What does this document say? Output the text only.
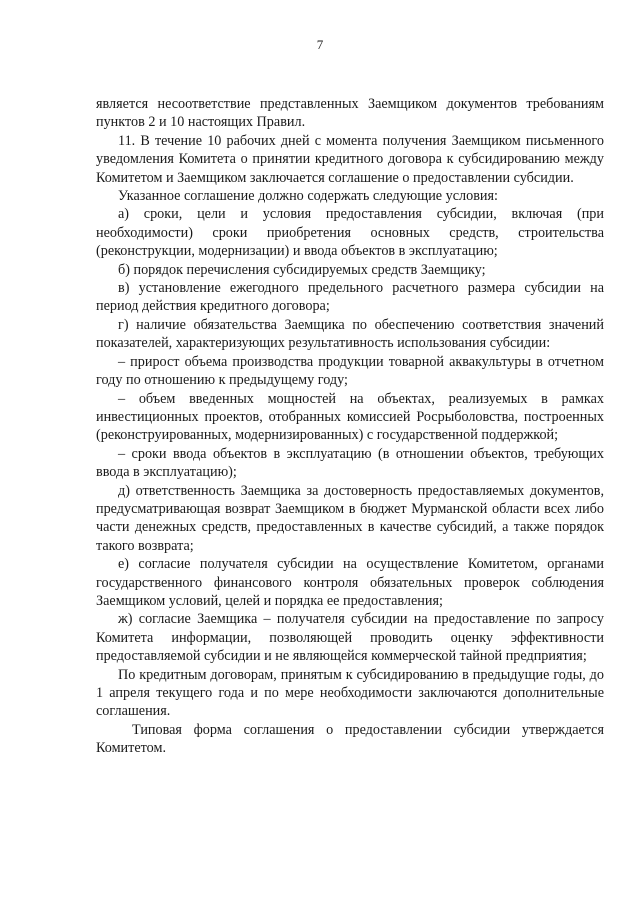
7

является несоответствие представленных Заемщиком документов требованиям пунктов 2 и 10 настоящих Правил.

11. В течение 10 рабочих дней с момента получения Заемщиком письменного уведомления Комитета о принятии кредитного договора к субсидированию между Комитетом и Заемщиком заключается соглашение о предоставлении субсидии.

Указанное соглашение должно содержать следующие условия:

а) сроки, цели и условия предоставления субсидии, включая (при необходимости) сроки приобретения основных средств, строительства (реконструкции, модернизации) и ввода объектов в эксплуатацию;

б) порядок перечисления субсидируемых средств Заемщику;

в) установление ежегодного предельного расчетного размера субсидии на период действия кредитного договора;

г) наличие обязательства Заемщика по обеспечению соответствия значений показателей, характеризующих результативность использования субсидии:

– прирост объема производства продукции товарной аквакультуры в отчетном году по отношению к предыдущему году;

– объем введенных мощностей на объектах, реализуемых в рамках инвестиционных проектов, отобранных комиссией Росрыболовства, построенных (реконструированных, модернизированных) с государственной поддержкой;

– сроки ввода объектов в эксплуатацию (в отношении объектов, требующих ввода в эксплуатацию);

д) ответственность Заемщика за достоверность предоставляемых документов, предусматривающая возврат Заемщиком в бюджет Мурманской области всех либо части денежных средств, предоставленных в качестве субсидий, а также порядок такого возврата;

е) согласие получателя субсидии на осуществление Комитетом, органами государственного финансового контроля обязательных проверок соблюдения Заемщиком условий, целей и порядка ее предоставления;

ж) согласие Заемщика – получателя субсидии на предоставление по запросу Комитета информации, позволяющей проводить оценку эффективности предоставляемой субсидии и не являющейся коммерческой тайной предприятия;

По кредитным договорам, принятым к субсидированию в предыдущие годы, до 1 апреля текущего года и по мере необходимости заключаются дополнительные соглашения.

Типовая форма соглашения о предоставлении субсидии утверждается Комитетом.
